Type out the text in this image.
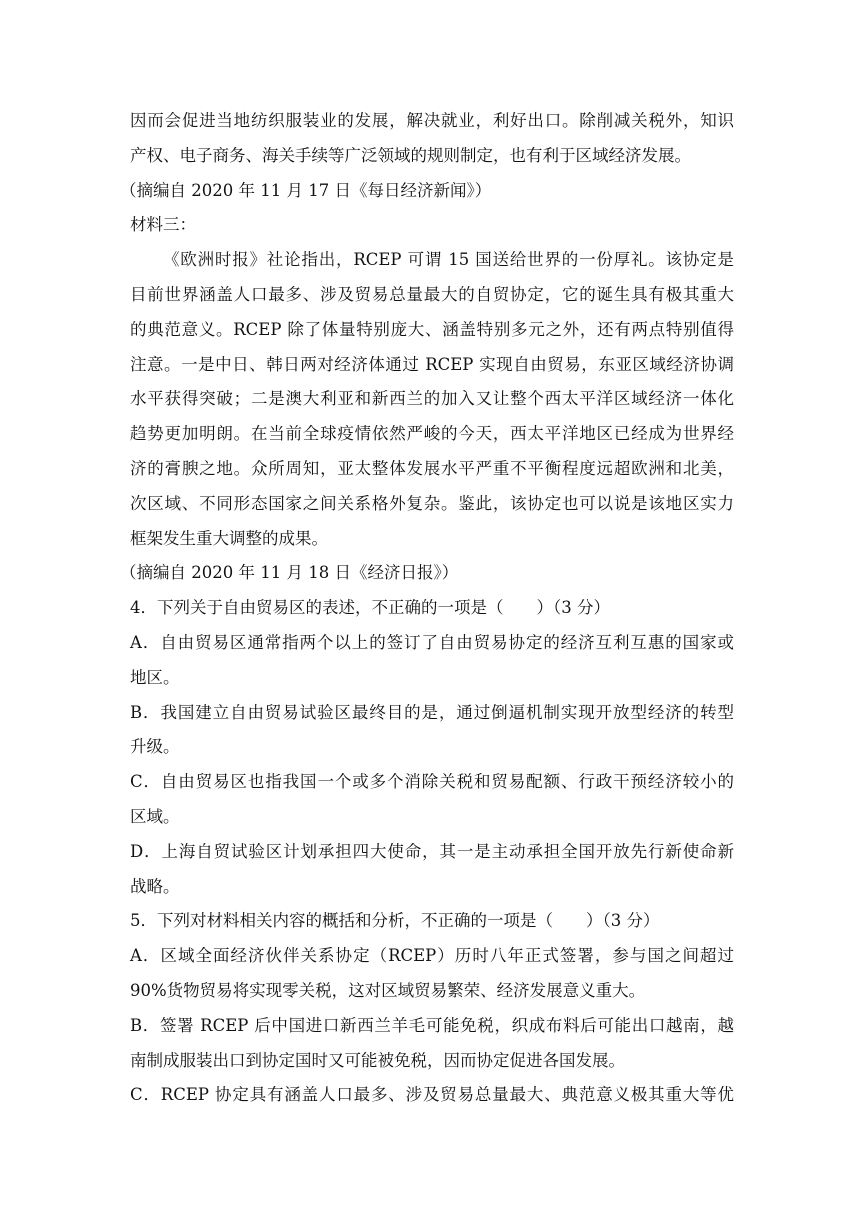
因而会促进当地纺织服装业的发展，解决就业，利好出口。除削减关税外，知识
产权、电子商务、海关手续等广泛领域的规则制定，也有利于区域经济发展。
（摘编自 2020 年 11 月 17 日《每日经济新闻》）
材料三：
《欧洲时报》社论指出，RCEP 可谓 15 国送给世界的一份厚礼。该协定是
目前世界涵盖人口最多、涉及贸易总量最大的自贸协定，它的诞生具有极其重大
的典范意义。RCEP 除了体量特别庞大、涵盖特别多元之外，还有两点特别值得
注意。一是中日、韩日两对经济体通过 RCEP 实现自由贸易，东亚区域经济协调
水平获得突破；二是澳大利亚和新西兰的加入又让整个西太平洋区域经济一体化
趋势更加明朗。在当前全球疫情依然严峻的今天，西太平洋地区已经成为世界经
济的膏腴之地。众所周知，亚太整体发展水平严重不平衡程度远超欧洲和北美，
次区域、不同形态国家之间关系格外复杂。鉴此，该协定也可以说是该地区实力
框架发生重大调整的成果。
（摘编自 2020 年 11 月 18 日《经济日报》）
4．下列关于自由贸易区的表述，不正确的一项是（　　）（3 分）
A．自由贸易区通常指两个以上的签订了自由贸易协定的经济互利互惠的国家或
地区。
B．我国建立自由贸易试验区最终目的是，通过倒逼机制实现开放型经济的转型
升级。
C．自由贸易区也指我国一个或多个消除关税和贸易配额、行政干预经济较小的
区域。
D．上海自贸试验区计划承担四大使命，其一是主动承担全国开放先行新使命新
战略。
5．下列对材料相关内容的概括和分析，不正确的一项是（　　）（3 分）
A．区域全面经济伙伴关系协定（RCEP）历时八年正式签署，参与国之间超过
90%货物贸易将实现零关税，这对区域贸易繁荣、经济发展意义重大。
B．签署 RCEP 后中国进口新西兰羊毛可能免税，织成布料后可能出口越南，越
南制成服装出口到协定国时又可能被免税，因而协定促进各国发展。
C．RCEP 协定具有涵盖人口最多、涉及贸易总量最大、典范意义极其重大等优
